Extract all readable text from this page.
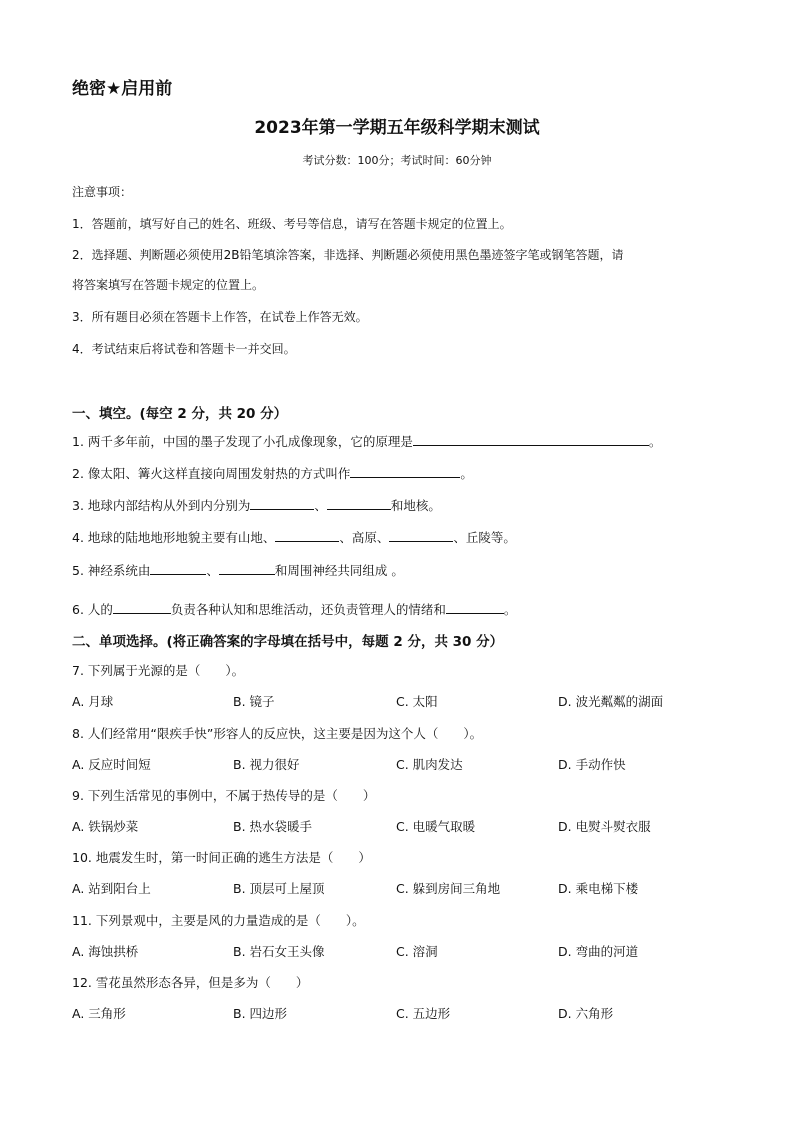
绝密★启用前
2023年第一学期五年级科学期末测试
考试分数：100分；考试时间：60分钟
注意事项：
1．答题前，填写好自己的姓名、班级、考号等信息，请写在答题卡规定的位置上。
2．选择题、判断题必须使用2B铅笔填涂答案，非选择、判断题必须使用黑色墨迹签字笔或钢笔答题，请
将答案填写在答题卡规定的位置上。
3．所有题目必须在答题卡上作答，在试卷上作答无效。
4．考试结束后将试卷和答题卡一并交回。
一、填空。(每空 2 分，共 20 分）
1. 两千多年前，中国的墨子发现了小孔成像现象，它的原理是	。
2. 像太阳、篝火这样直接向周围发射热的方式叫作	。
3. 地球内部结构从外到内分别为	、	和地核。
4. 地球的陆地地形地貌主要有山地、	、高原、	、丘陵等。
5. 神经系统由	、	和周围神经共同组成 。
6. 人的	负责各种认知和思维活动，还负责管理人的情绪和	。
二、单项选择。(将正确答案的字母填在括号中，每题 2 分，共 30 分）
7. 下列属于光源的是（　　）。
A. 月球	B. 镜子	C. 太阳	D. 波光粼粼的湖面
8. 人们经常用“限疾手快”形容人的反应快，这主要是因为这个人（　　）。
A. 反应时间短	B. 视力很好	C. 肌肉发达	D. 手动作快
9. 下列生活常见的事例中，不属于热传导的是（　　）
A. 铁锅炒菜	B. 热水袋暖手	C. 电暖气取暖	D. 电熨斗熨衣服
10. 地震发生时，第一时间正确的逃生方法是（　　）
A. 站到阳台上	B. 顶层可上屋顶	C. 躲到房间三角地	D. 乘电梯下楼
11. 下列景观中，主要是风的力量造成的是（　　）。
A. 海蚀拱桥	B. 岩石女王头像	C. 溶洞	D. 弯曲的河道
12. 雪花虽然形态各异，但是多为（　　）
A. 三角形	B. 四边形	C. 五边形	D. 六角形
